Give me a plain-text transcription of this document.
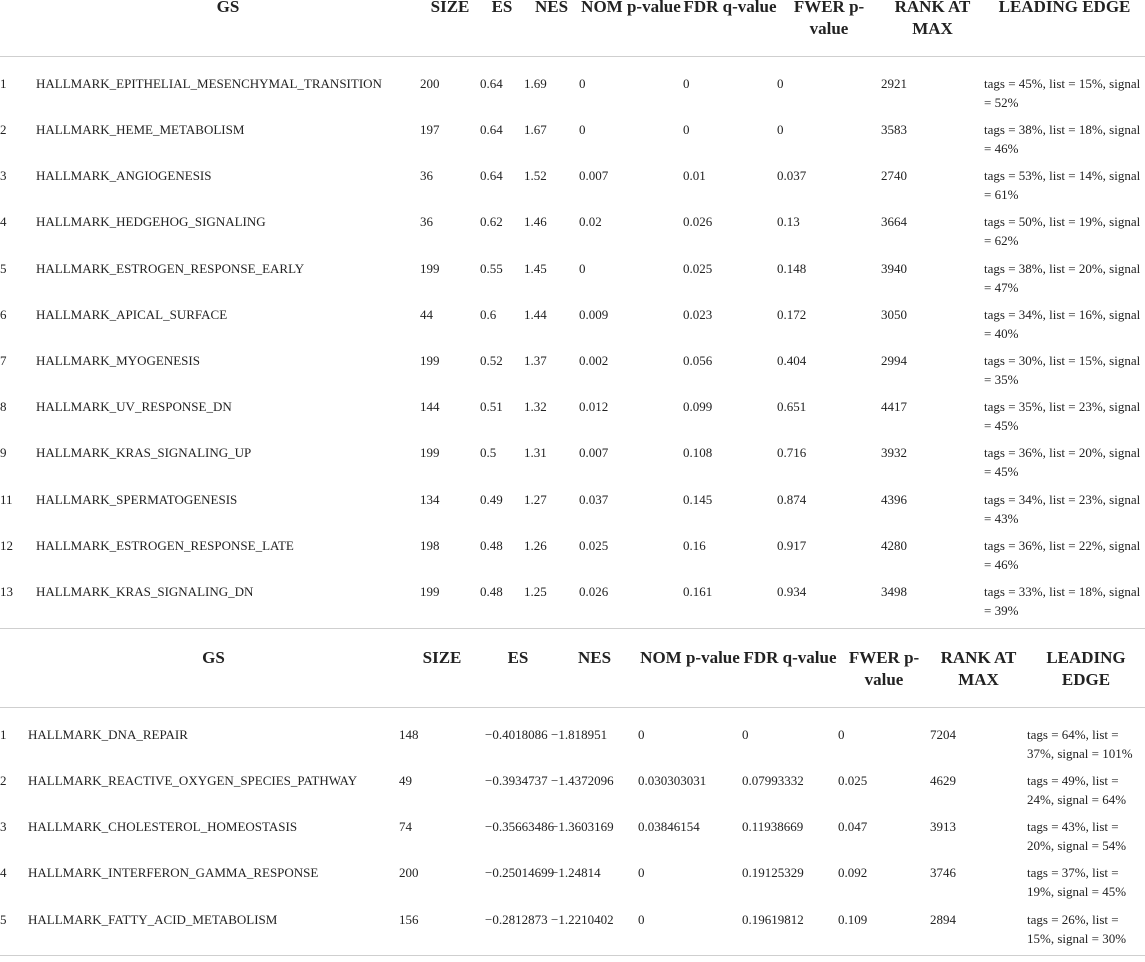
	GS	SIZE	ES	NES	NOM p-value	FDR q-value	FWER p-value	RANK AT MAX	LEADING EDGE
1	HALLMARK_EPITHELIAL_MESENCHYMAL_TRANSITION	200	0.64	1.69	0	0	0	2921	tags = 45%, list = 15%, signal = 52%
2	HALLMARK_HEME_METABOLISM	197	0.64	1.67	0	0	0	3583	tags = 38%, list = 18%, signal = 46%
3	HALLMARK_ANGIOGENESIS	36	0.64	1.52	0.007	0.01	0.037	2740	tags = 53%, list = 14%, signal = 61%
4	HALLMARK_HEDGEHOG_SIGNALING	36	0.62	1.46	0.02	0.026	0.13	3664	tags = 50%, list = 19%, signal = 62%
5	HALLMARK_ESTROGEN_RESPONSE_EARLY	199	0.55	1.45	0	0.025	0.148	3940	tags = 38%, list = 20%, signal = 47%
6	HALLMARK_APICAL_SURFACE	44	0.6	1.44	0.009	0.023	0.172	3050	tags = 34%, list = 16%, signal = 40%
7	HALLMARK_MYOGENESIS	199	0.52	1.37	0.002	0.056	0.404	2994	tags = 30%, list = 15%, signal = 35%
8	HALLMARK_UV_RESPONSE_DN	144	0.51	1.32	0.012	0.099	0.651	4417	tags = 35%, list = 23%, signal = 45%
9	HALLMARK_KRAS_SIGNALING_UP	199	0.5	1.31	0.007	0.108	0.716	3932	tags = 36%, list = 20%, signal = 45%
11	HALLMARK_SPERMATOGENESIS	134	0.49	1.27	0.037	0.145	0.874	4396	tags = 34%, list = 23%, signal = 43%
12	HALLMARK_ESTROGEN_RESPONSE_LATE	198	0.48	1.26	0.025	0.16	0.917	4280	tags = 36%, list = 22%, signal = 46%
13	HALLMARK_KRAS_SIGNALING_DN	199	0.48	1.25	0.026	0.161	0.934	3498	tags = 33%, list = 18%, signal = 39%
	GS	SIZE	ES	NES	NOM p-value	FDR q-value	FWER p-value	RANK AT MAX	LEADING EDGE
1	HALLMARK_DNA_REPAIR	148	−0.4018086	−1.818951	0	0	0	7204	tags = 64%, list = 37%, signal = 101%
2	HALLMARK_REACTIVE_OXYGEN_SPECIES_PATHWAY	49	−0.3934737	−1.4372096	0.030303031	0.07993332	0.025	4629	tags = 49%, list = 24%, signal = 64%
3	HALLMARK_CHOLESTEROL_HOMEOSTASIS	74	−0.35663486	−1.3603169	0.03846154	0.11938669	0.047	3913	tags = 43%, list = 20%, signal = 54%
4	HALLMARK_INTERFERON_GAMMA_RESPONSE	200	−0.25014699	−1.24814	0	0.19125329	0.092	3746	tags = 37%, list = 19%, signal = 45%
5	HALLMARK_FATTY_ACID_METABOLISM	156	−0.2812873	−1.2210402	0	0.19619812	0.109	2894	tags = 26%, list = 15%, signal = 30%
